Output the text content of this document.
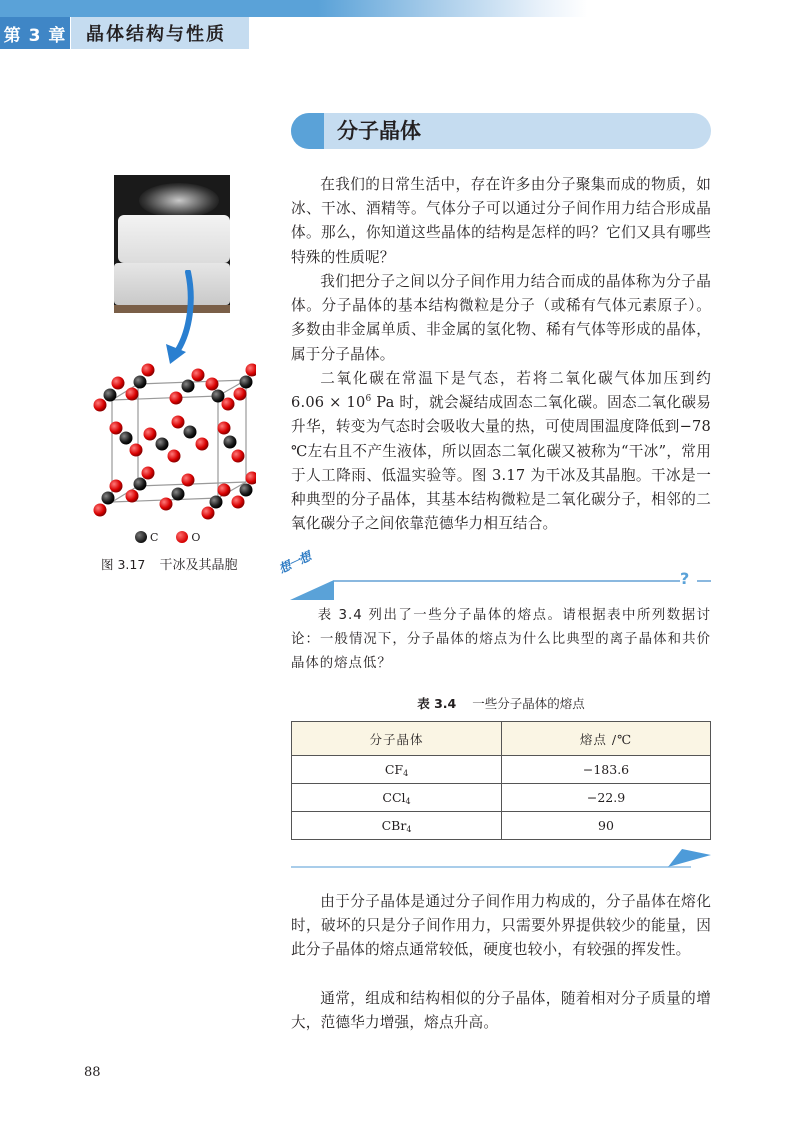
第 3 章	晶体结构与性质
分子晶体

在我们的日常生活中，存在许多由分子聚集而成的物质，如冰、干冰、酒精等。气体分子可以通过分子间作用力结合形成晶体。那么，你知道这些晶体的结构是怎样的吗？它们又具有哪些特殊的性质呢？

我们把分子之间以分子间作用力结合而成的晶体称为分子晶体。分子晶体的基本结构微粒是分子（或稀有气体元素原子）。多数由非金属单质、非金属的氢化物、稀有气体等形成的晶体，属于分子晶体。

二氧化碳在常温下是气态，若将二氧化碳气体加压到约 $6.06 \times 10^6$ Pa 时，就会凝结成固态二氧化碳。固态二氧化碳易升华，转变为气态时会吸收大量的热，可使周围温度降低到−78 ℃左右且不产生液体，所以固态二氧化碳又被称为“干冰”，常用于人工降雨、低温实验等。图 3.17 为干冰及其晶胞。干冰是一种典型的分子晶体，其基本结构微粒是二氧化碳分子，相邻的二氧化碳分子之间依靠范德华力相互结合。

C	O
图 3.17 干冰及其晶胞	想一想
?

表 3.4 列出了一些分子晶体的熔点。请根据表中所列数据讨论：一般情况下，分子晶体的熔点为什么比典型的离子晶体和共价晶体的熔点低？

表 3.4 一些分子晶体的熔点
分子晶体	熔点 /℃
$CF_4$	−183.6
CCl$_4$	−22.9
CBr$_4$	90

由于分子晶体是通过分子间作用力构成的，分子晶体在熔化时，破坏的只是分子间作用力，只需要外界提供较少的能量，因此分子晶体的熔点通常较低，硬度也较小，有较强的挥发性。

通常，组成和结构相似的分子晶体，随着相对分子质量的增大，范德华力增强，熔点升高。

88
